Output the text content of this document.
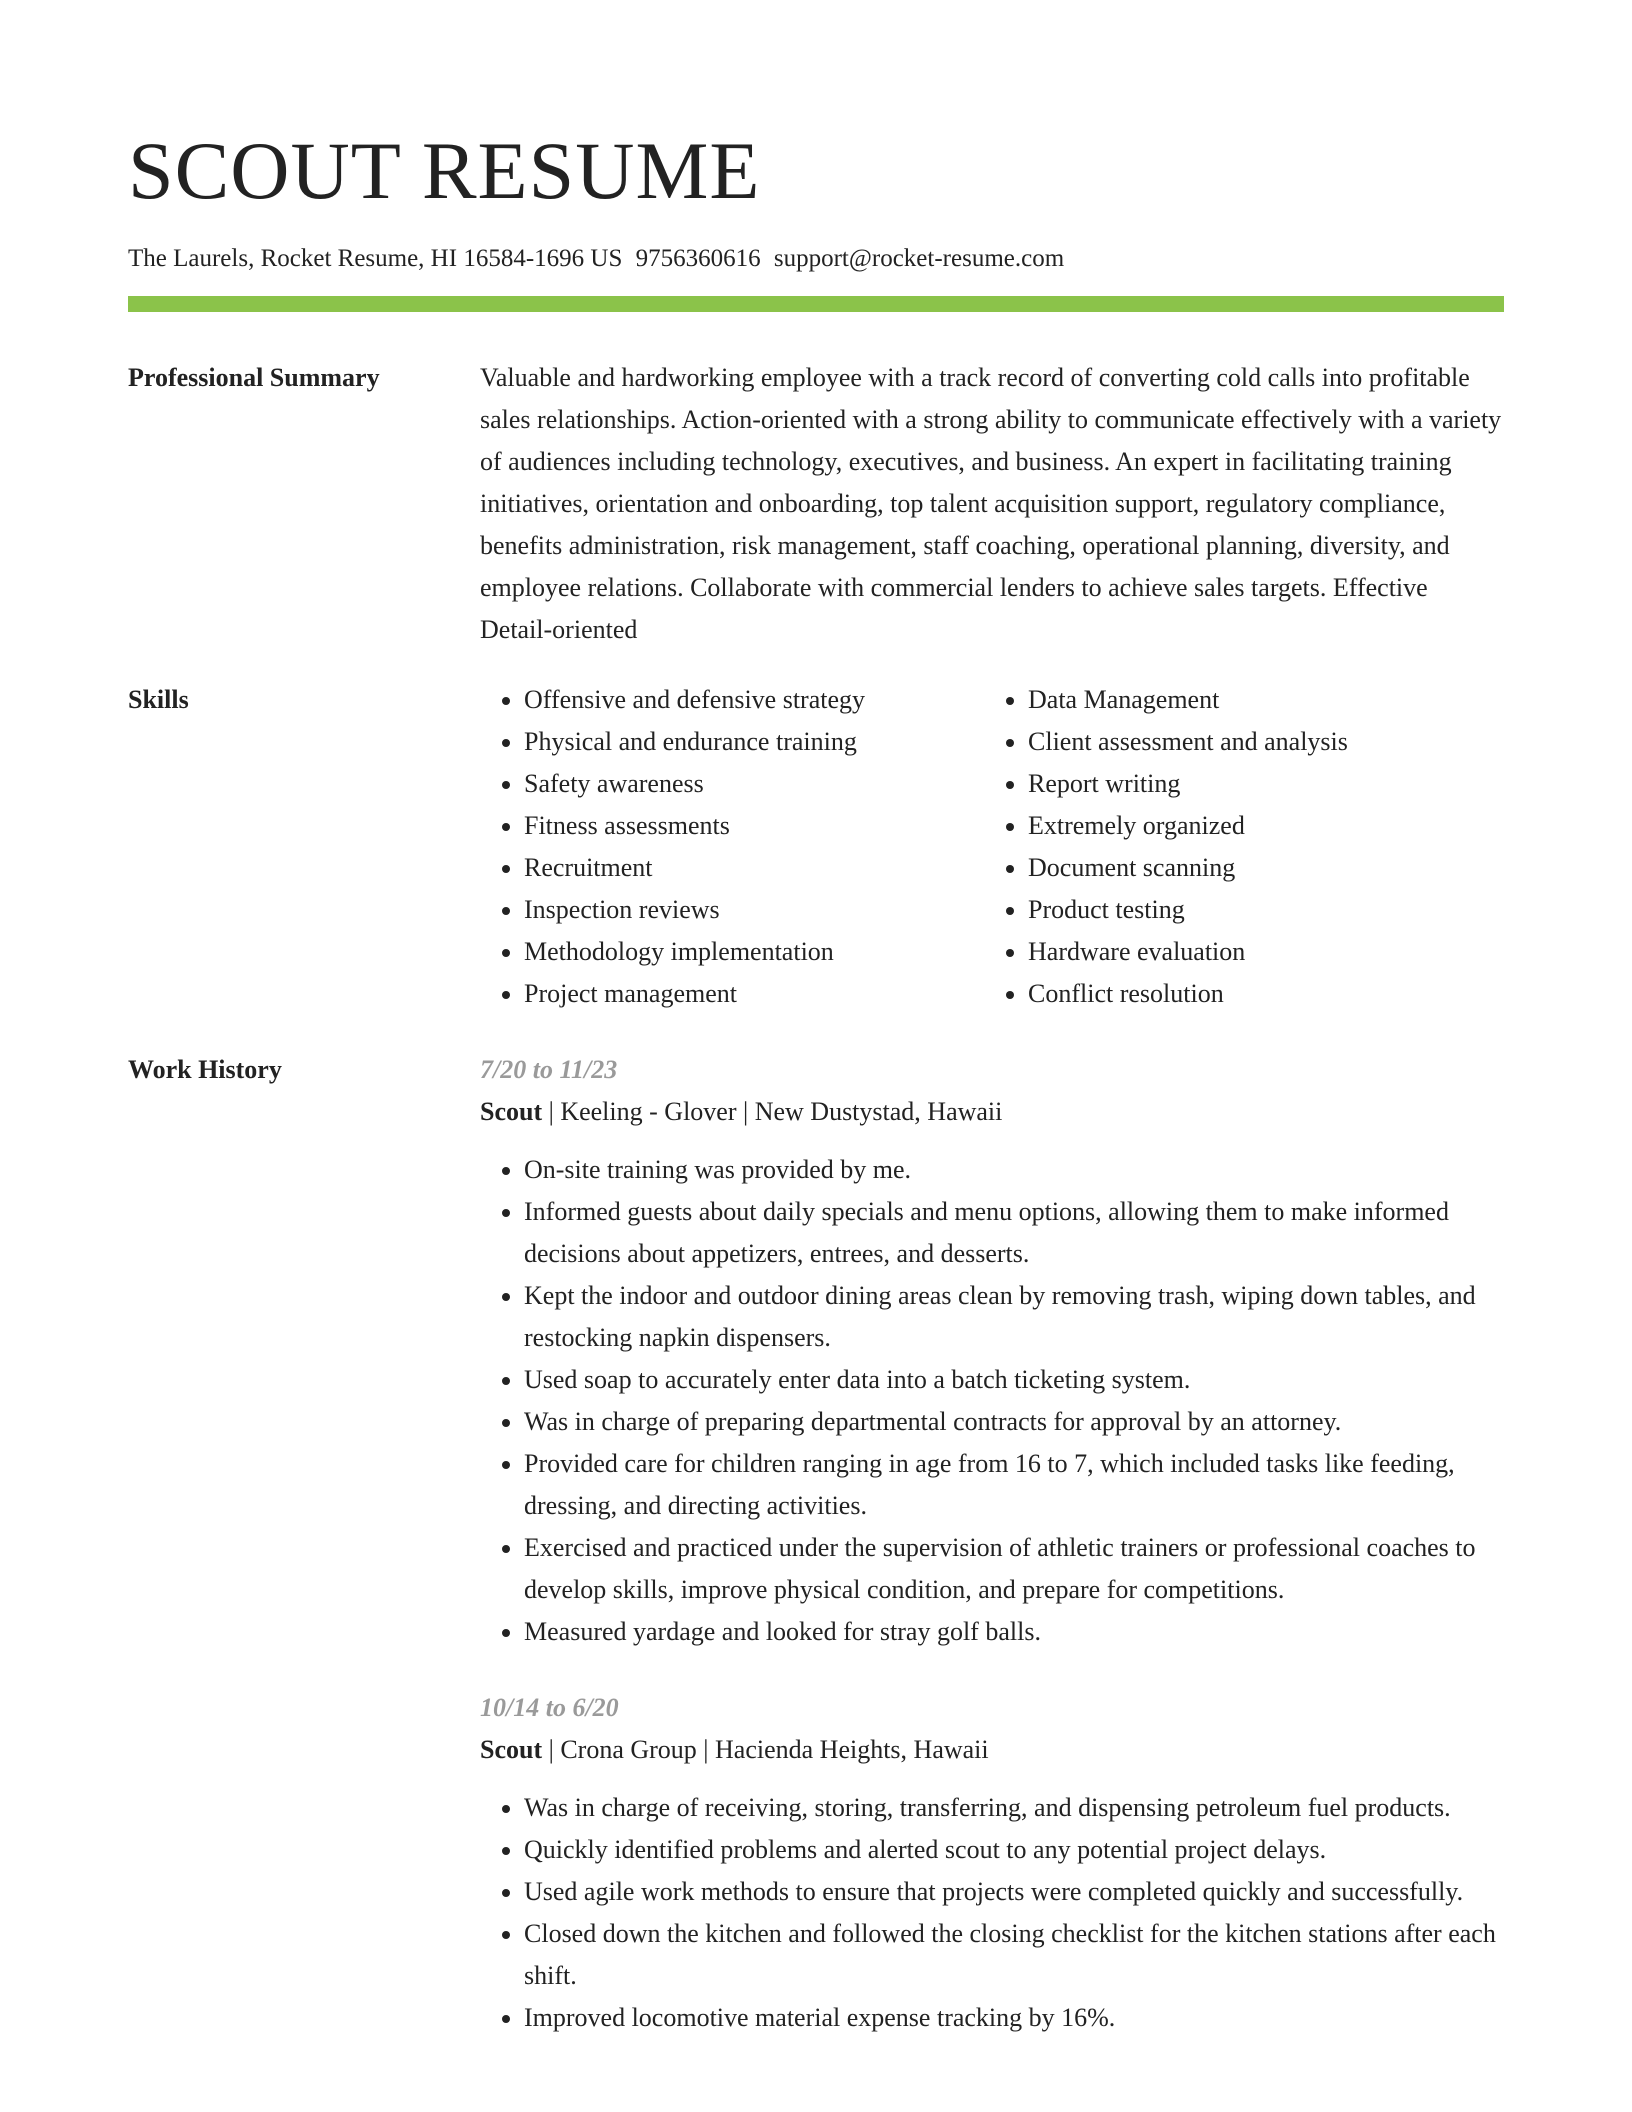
SCOUT RESUME
The Laurels, Rocket Resume, HI 16584-1696 US 9756360616 support@rocket-resume.com
Professional Summary	Valuable and hardworking employee with a track record of converting cold calls into profitable sales relationships. Action-oriented with a strong ability to communicate effectively with a variety of audiences including technology, executives, and business. An expert in facilitating training initiatives, orientation and onboarding, top talent acquisition support, regulatory compliance, benefits administration, risk management, staff coaching, operational planning, diversity, and employee relations. Collaborate with commercial lenders to achieve sales targets. Effective Detail-oriented

Skills
•	Offensive and defensive strategy
• Physical and endurance training
• Safety awareness
• Fitness assessments
• Recruitment
• Inspection reviews
• Methodology implementation
• Project management
• Data Management
• Client assessment and analysis
• Report writing
• Extremely organized
• Document scanning
• Product testing
• Hardware evaluation
• Conflict resolution
Work History	7/20 to 11/23
Scout | Keeling - Glover | New Dustystad, Hawaii
• On-site training was provided by me.
• Informed guests about daily specials and menu options, allowing them to make informed decisions about appetizers, entrees, and desserts.
• Kept the indoor and outdoor dining areas clean by removing trash, wiping down tables, and restocking napkin dispensers.
• Used soap to accurately enter data into a batch ticketing system.
• Was in charge of preparing departmental contracts for approval by an attorney.
• Provided care for children ranging in age from 16 to 7, which included tasks like feeding, dressing, and directing activities.
• Exercised and practiced under the supervision of athletic trainers or professional coaches to develop skills, improve physical condition, and prepare for competitions.
• Measured yardage and looked for stray golf balls.
10/14 to 6/20
Scout | Crona Group | Hacienda Heights, Hawaii
• Was in charge of receiving, storing, transferring, and dispensing petroleum fuel products.
• Quickly identified problems and alerted scout to any potential project delays.
• Used agile work methods to ensure that projects were completed quickly and successfully.
• Closed down the kitchen and followed the closing checklist for the kitchen stations after each shift.
• Improved locomotive material expense tracking by 16%.
